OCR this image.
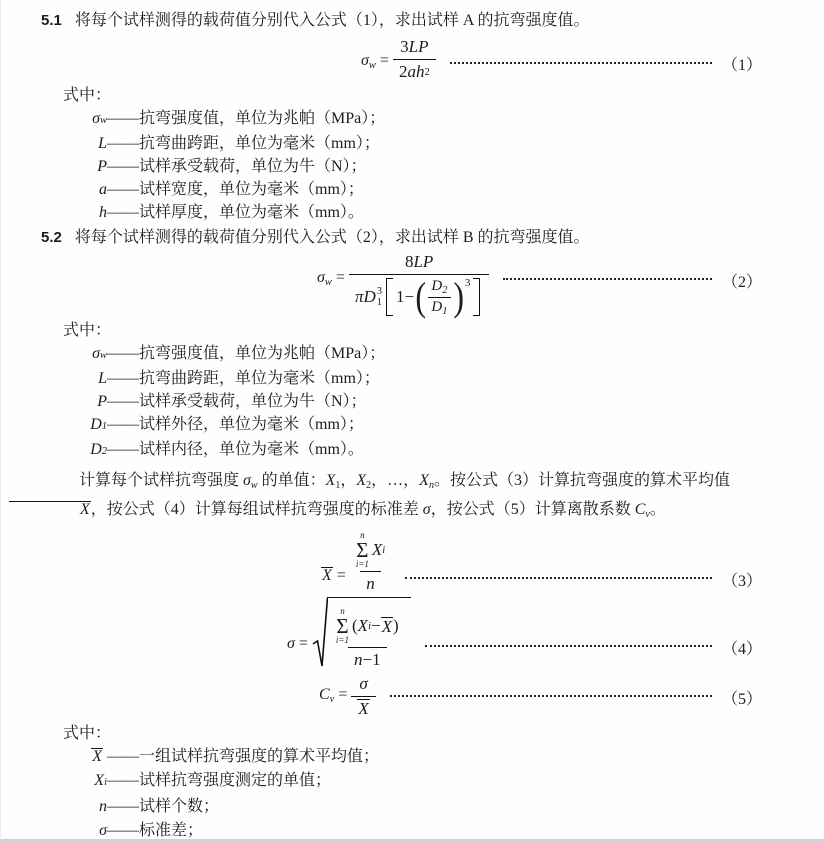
5.1 将每个试样测得的载荷值分别代入公式（1），求出试样 A 的抗弯强度值。
$\sigma w = \frac{3 LP}{2 ah 2}$	（1）
式中：
σ w ——抗弯强度值，单位为兆帕（MPa）；
L ——抗弯曲跨距，单位为毫米（mm）；
P ——试样承受载荷，单位为牛（N）；
a ——试样宽度，单位为毫米（mm）；
h ——试样厚度，单位为毫米（mm）。
5.2 将每个试样测得的载荷值分别代入公式（2），求出试样 B 的抗弯强度值。
σw =
8 LP
π D 3
1 1− ( $\frac{D_2}{D_1}$ ) 3	（2）
式中：
σ w ——抗弯强度值，单位为兆帕（MPa）；
L ——抗弯曲跨距，单位为毫米（mm）；
P ——试样承受载荷，单位为牛（N）；
D 1 ——试样外径，单位为毫米（mm）；
D 2 ——试样内径，单位为毫米（mm）。
计算每个试样抗弯强度 σw 的单值：X1，X2，…，Xn。按公式（3）计算抗弯强度的算术平均值 X，按公式（4）计算每组试样抗弯强度的标准差 σ，按公式（5）计算离散系数 Cv。
X = n
Σ
i=1
X i
n	（3）
σ =	n
Σ
i=1
( X i − X )
n −1	（4）
$Cv = \frac{\sigma}{X}$	（5）
式中：
X
——一组试样抗弯强度的算术平均值；
X i ——试样抗弯强度测定的单值；
n ——试样个数；
σ ——标准差；
